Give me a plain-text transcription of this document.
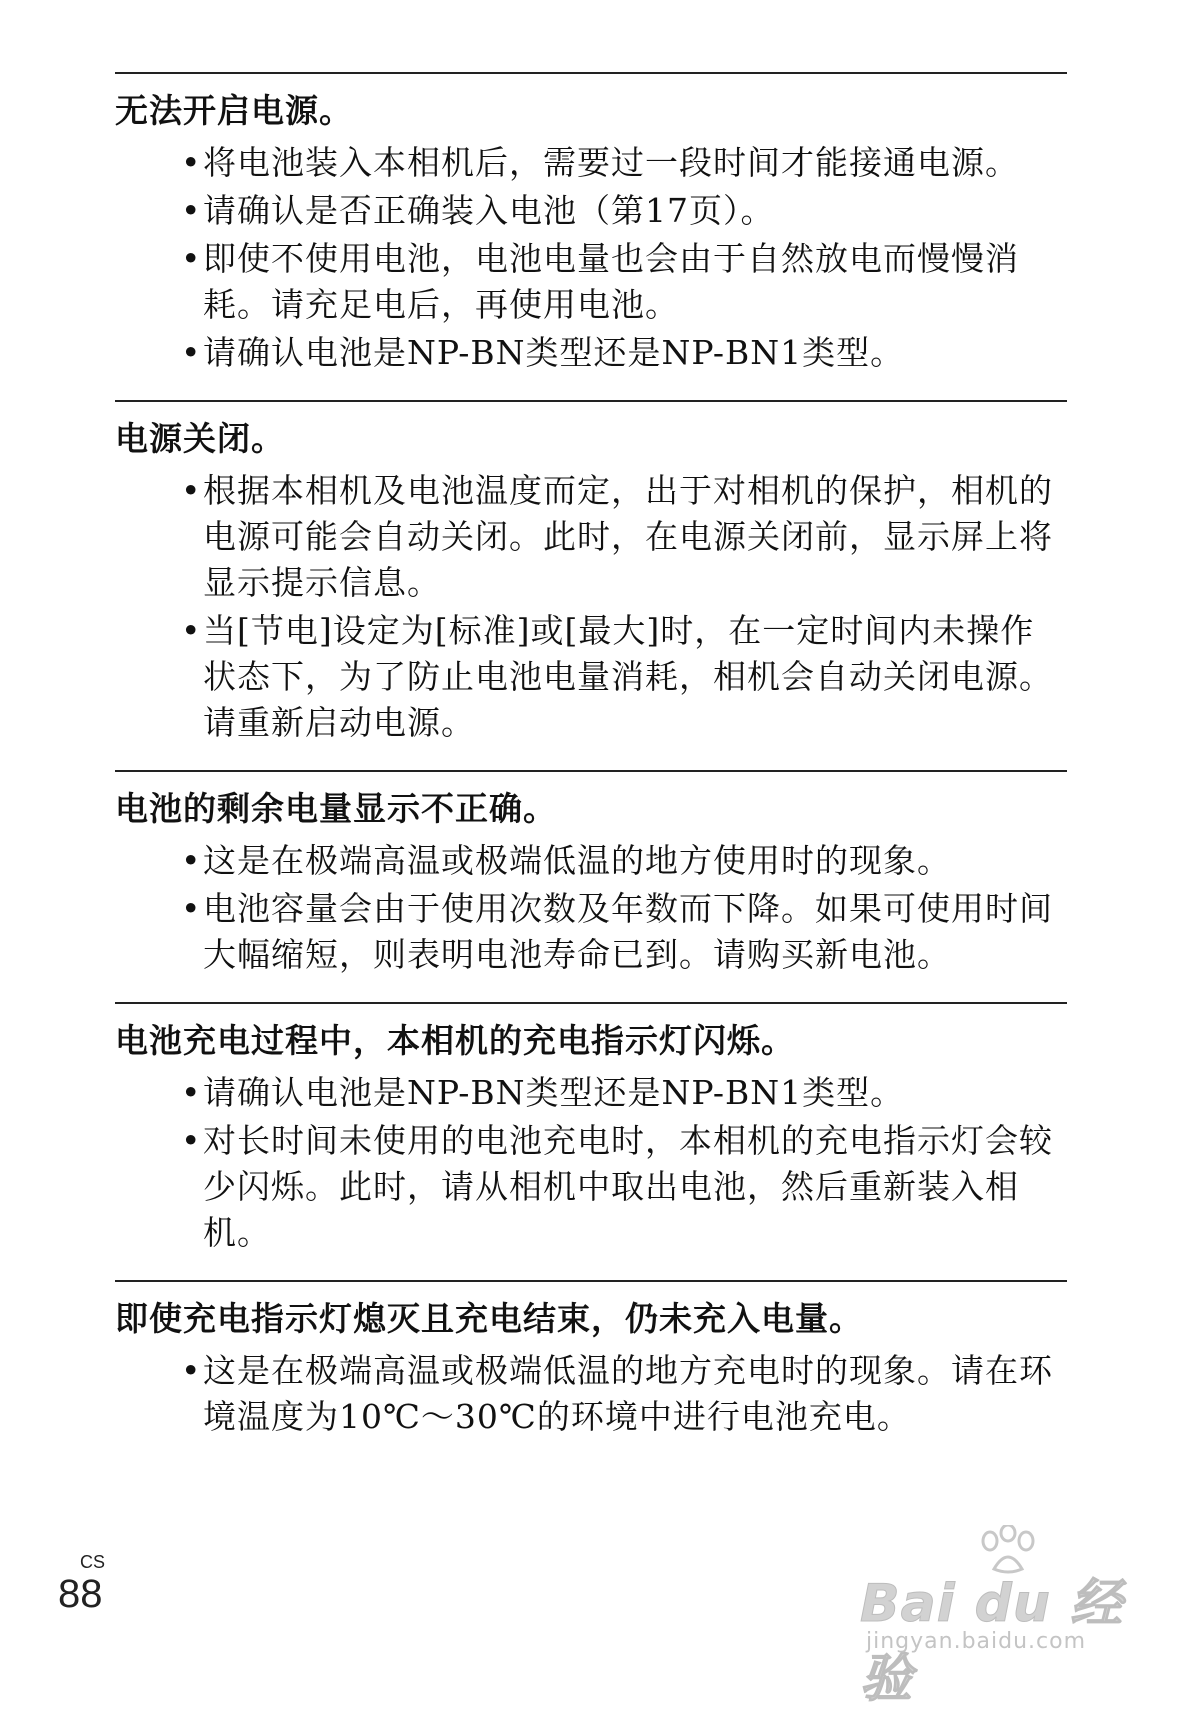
无法开启电源。
• 将电池装入本相机后，需要过一段时间才能接通电源。
• 请确认是否正确装入电池（第17页）。
• 即使不使用电池，电池电量也会由于自然放电而慢慢消耗。请充足电后，再使用电池。
• 请确认电池是NP-BN类型还是NP-BN1类型。
电源关闭。
• 根据本相机及电池温度而定，出于对相机的保护，相机的电源可能会自动关闭。此时，在电源关闭前，显示屏上将显示提示信息。
• 当[节电]设定为[标准]或[最大]时，在一定时间内未操作状态下，为了防止电池电量消耗，相机会自动关闭电源。请重新启动电源。
电池的剩余电量显示不正确。
• 这是在极端高温或极端低温的地方使用时的现象。
• 电池容量会由于使用次数及年数而下降。如果可使用时间大幅缩短，则表明电池寿命已到。请购买新电池。
电池充电过程中，本相机的充电指示灯闪烁。
• 请确认电池是NP-BN类型还是NP-BN1类型。
• 对长时间未使用的电池充电时，本相机的充电指示灯会较少闪烁。此时，请从相机中取出电池，然后重新装入相机。
即使充电指示灯熄灭且充电结束，仍未充入电量。
• 这是在极端高温或极端低温的地方充电时的现象。请在环境温度为10℃～30℃的环境中进行电池充电。
CS
88	Bai du 经验
jingyan.baidu.com
